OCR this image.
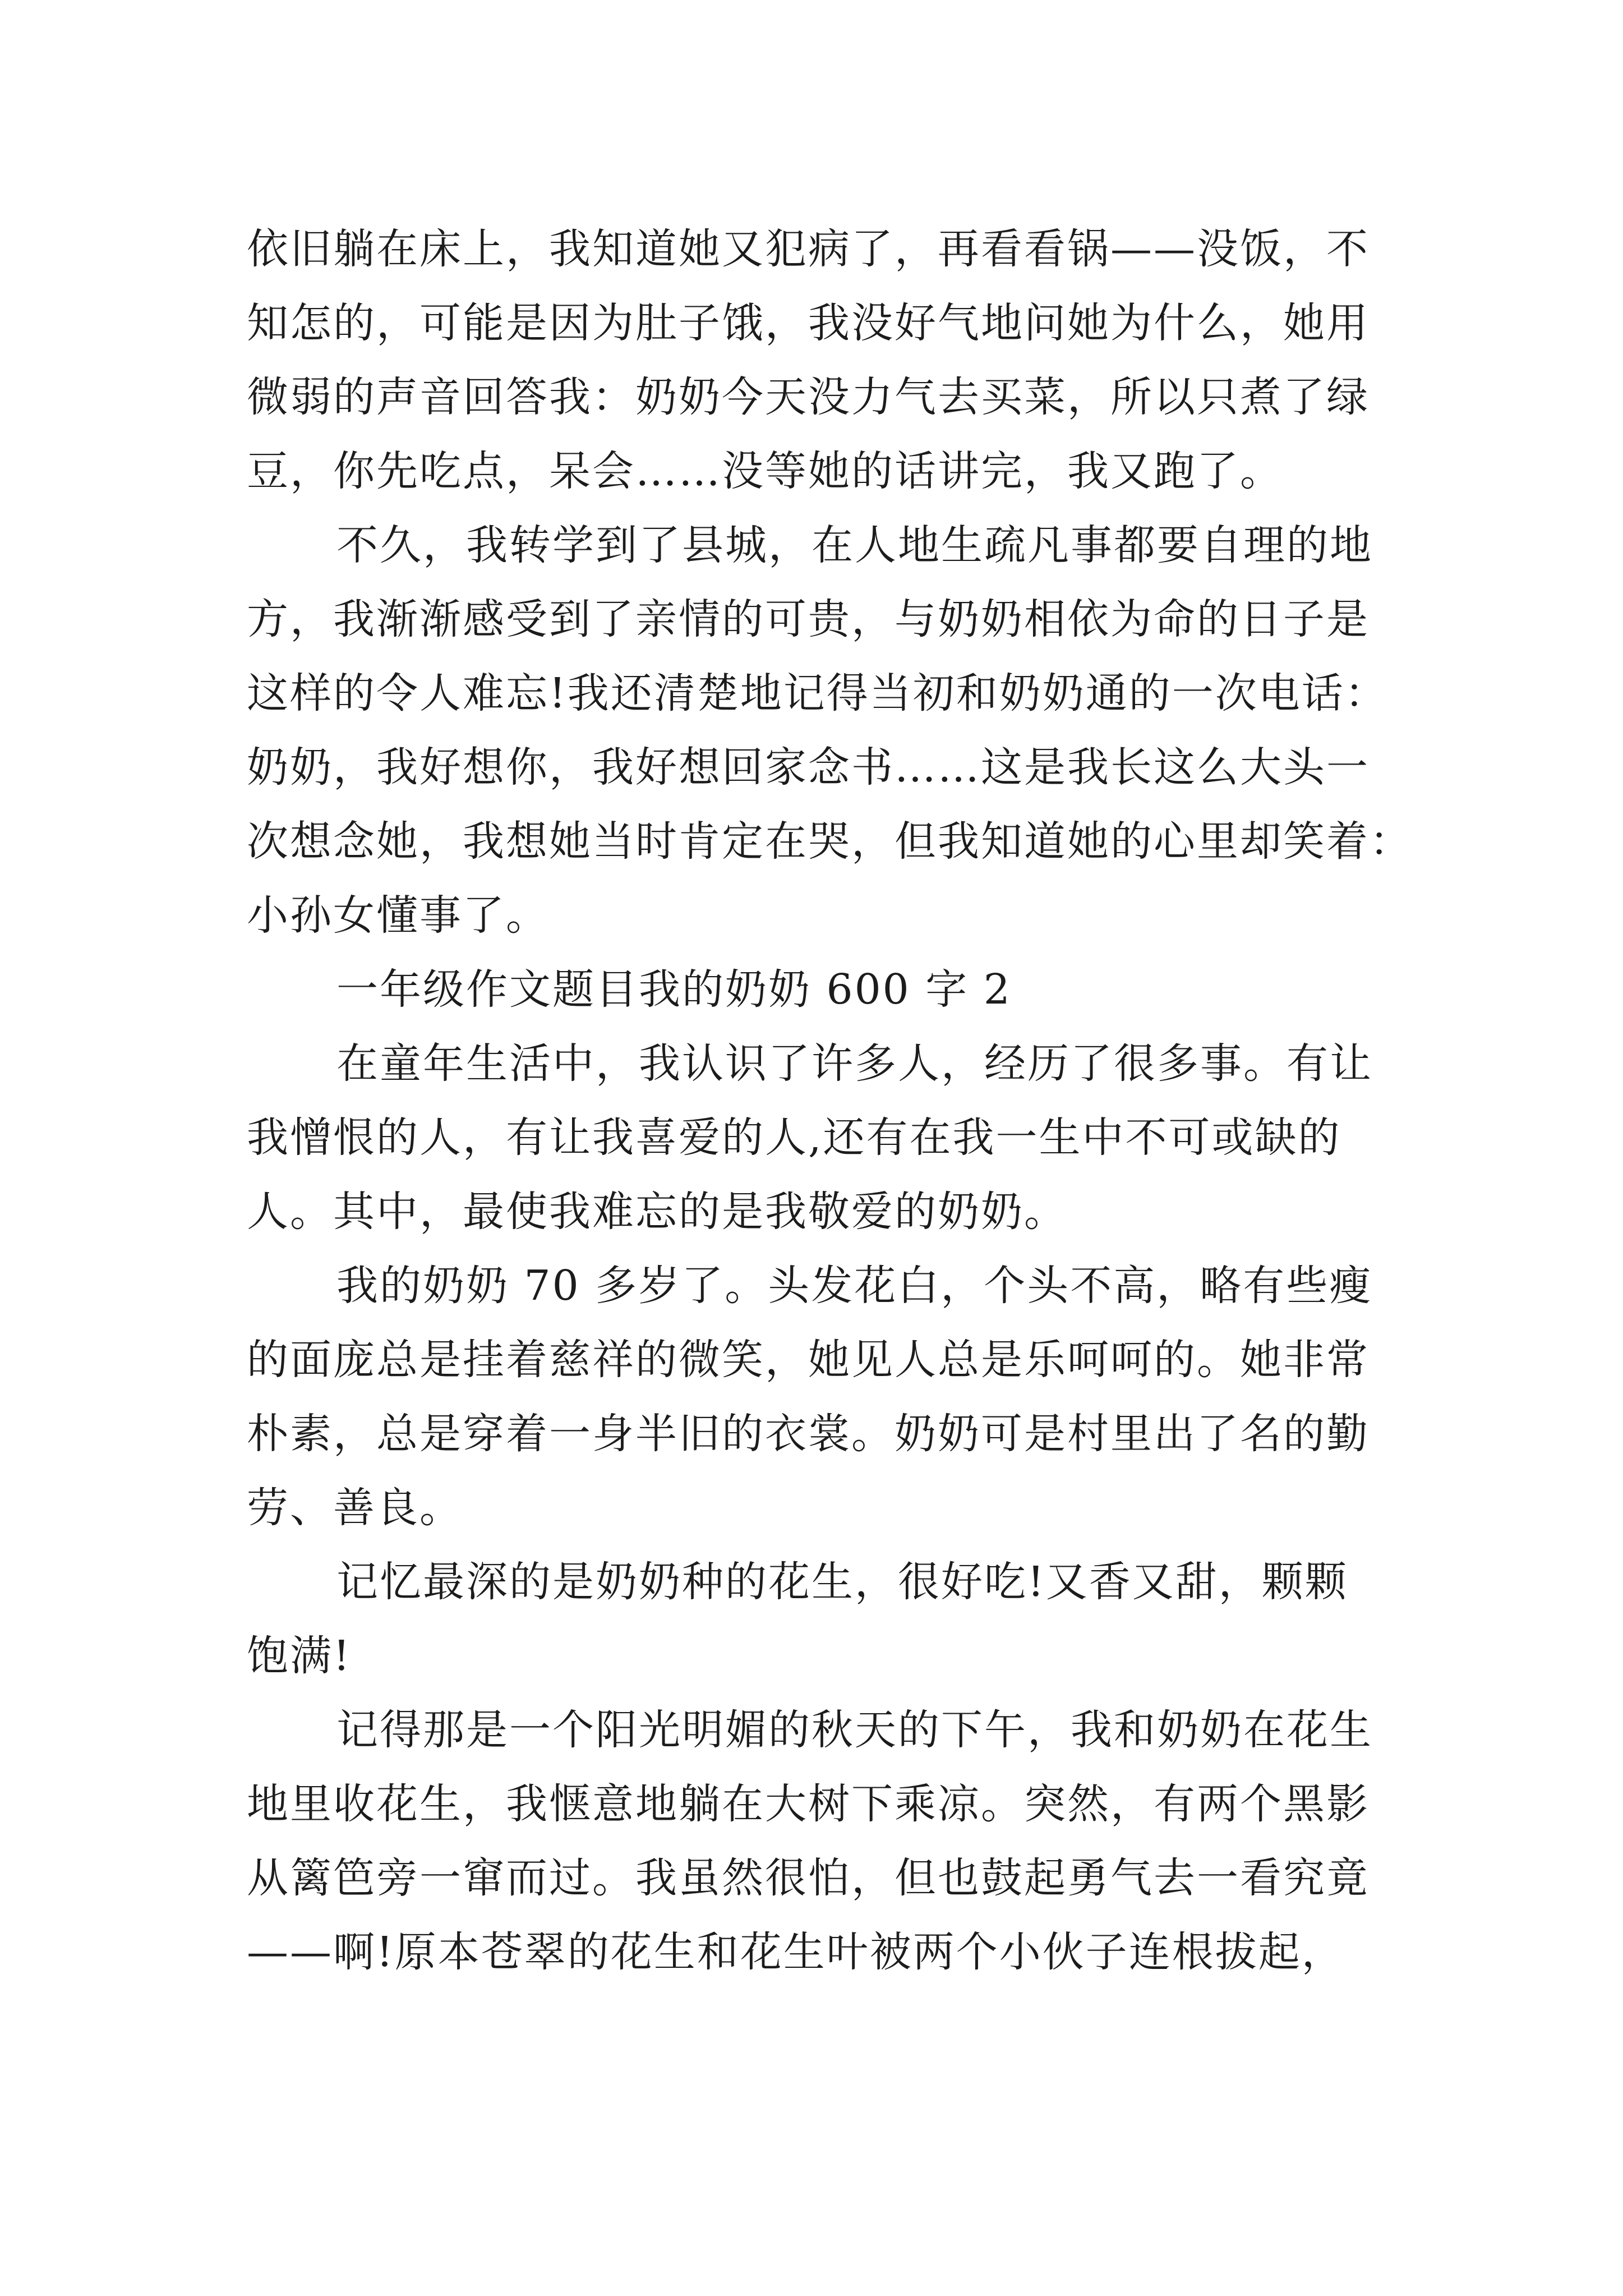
依旧躺在床上，我知道她又犯病了，再看看锅——没饭，不
知怎的，可能是因为肚子饿，我没好气地问她为什么，她用
微弱的声音回答我：奶奶今天没力气去买菜，所以只煮了绿
豆，你先吃点，呆会……没等她的话讲完，我又跑了。
不久，我转学到了县城，在人地生疏凡事都要自理的地
方，我渐渐感受到了亲情的可贵，与奶奶相依为命的日子是
这样的令人难忘!我还清楚地记得当初和奶奶通的一次电话：
奶奶，我好想你，我好想回家念书……这是我长这么大头一
次想念她，我想她当时肯定在哭，但我知道她的心里却笑着：
小孙女懂事了。
一年级作文题目我的奶奶 600 字 2
在童年生活中，我认识了许多人，经历了很多事。有让
我憎恨的人，有让我喜爱的人,还有在我一生中不可或缺的
人。其中，最使我难忘的是我敬爱的奶奶。
我的奶奶 70 多岁了。头发花白，个头不高，略有些瘦
的面庞总是挂着慈祥的微笑，她见人总是乐呵呵的。她非常
朴素，总是穿着一身半旧的衣裳。奶奶可是村里出了名的勤
劳、善良。
记忆最深的是奶奶种的花生，很好吃!又香又甜，颗颗
饱满!
记得那是一个阳光明媚的秋天的下午，我和奶奶在花生
地里收花生，我惬意地躺在大树下乘凉。突然，有两个黑影
从篱笆旁一窜而过。我虽然很怕，但也鼓起勇气去一看究竟
——啊!原本苍翠的花生和花生叶被两个小伙子连根拔起，
